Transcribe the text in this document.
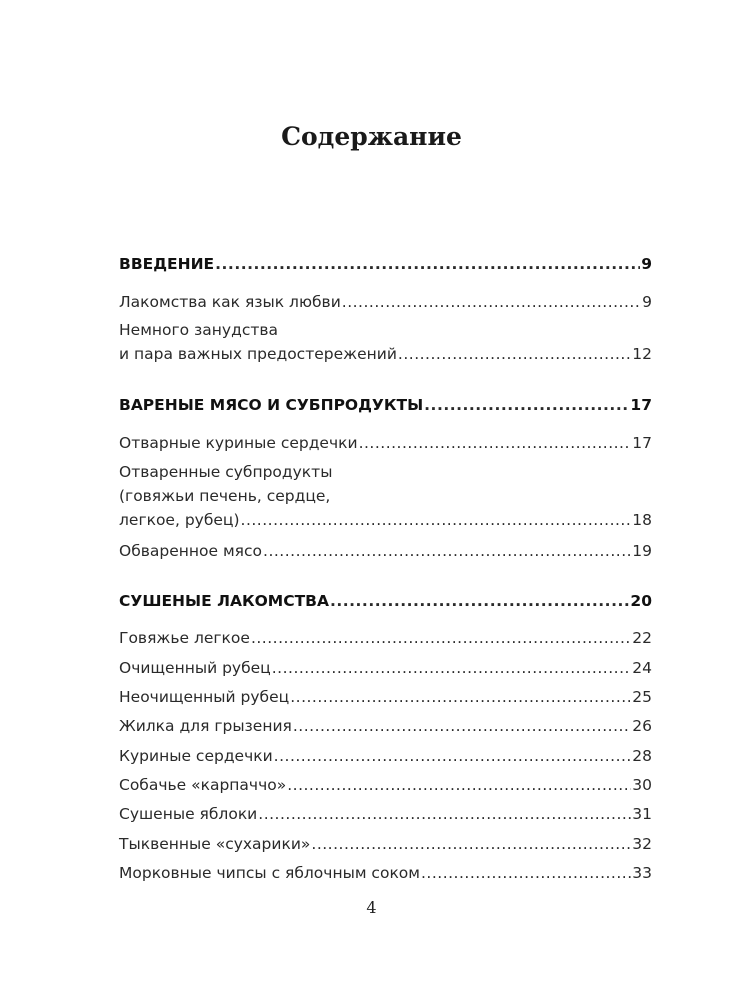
Содержание
ВВЕДЕНИЕ .....	9
Лакомства как язык любви .....	9
Немного занудства
и пара важных предостережений .....	12
ВАРЕНЫЕ МЯСО И СУБПРОДУКТЫ .....	17
Отварные куриные сердечки .....	17
Отваренные субпродукты
(говяжьи печень, сердце,
легкое, рубец) .....	18
Обваренное мясо .....	19
СУШЕНЫЕ ЛАКОМСТВА .....	20
Говяжье легкое .....	22
Очищенный рубец .....	24
Неочищенный рубец .....	25
Жилка для грызения .....	26
Куриные сердечки .....	28
Собачье «карпаччо» .....	30
Сушеные яблоки .....	31
Тыквенные «сухарики» .....	32
Морковные чипсы с яблочным соком .....	33
4
